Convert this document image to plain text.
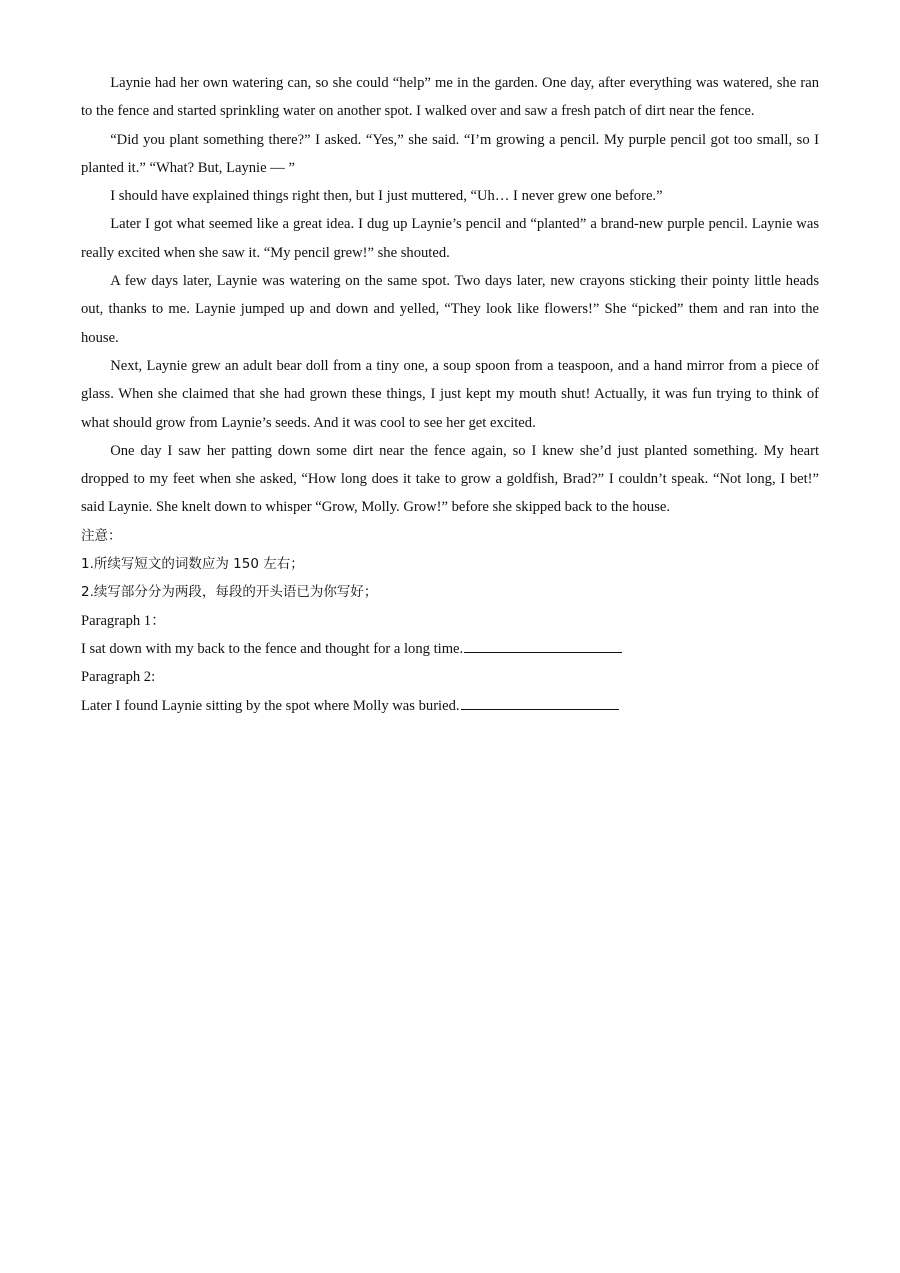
Laynie had her own watering can, so she could “help” me in the garden. One day, after everything was watered, she ran to the fence and started sprinkling water on another spot. I walked over and saw a fresh patch of dirt near the fence.

“Did you plant something there?” I asked. “Yes,” she said. “I’m growing a pencil. My purple pencil got too small, so I planted it.” “What? But, Laynie — ”

I should have explained things right then, but I just muttered, “Uh… I never grew one before.”

Later I got what seemed like a great idea. I dug up Laynie’s pencil and “planted” a brand-new purple pencil. Laynie was really excited when she saw it. “My pencil grew!” she shouted.

A few days later, Laynie was watering on the same spot. Two days later, new crayons sticking their pointy little heads out, thanks to me. Laynie jumped up and down and yelled, “They look like flowers!” She “picked” them and ran into the house.

Next, Laynie grew an adult bear doll from a tiny one, a soup spoon from a teaspoon, and a hand mirror from a piece of glass. When she claimed that she had grown these things, I just kept my mouth shut! Actually, it was fun trying to think of what should grow from Laynie’s seeds. And it was cool to see her get excited.

One day I saw her patting down some dirt near the fence again, so I knew she’d just planted something. My heart dropped to my feet when she asked, “How long does it take to grow a goldfish, Brad?” I couldn’t speak. “Not long, I bet!” said Laynie. She knelt down to whisper “Grow, Molly. Grow!” before she skipped back to the house.

注意：

1.所续写短文的词数应为 150 左右；

2.续写部分分为两段，每段的开头语已为你写好；

Paragraph 1：

I sat down with my back to the fence and thought for a long time.

Paragraph 2:

Later I found Laynie sitting by the spot where Molly was buried.
